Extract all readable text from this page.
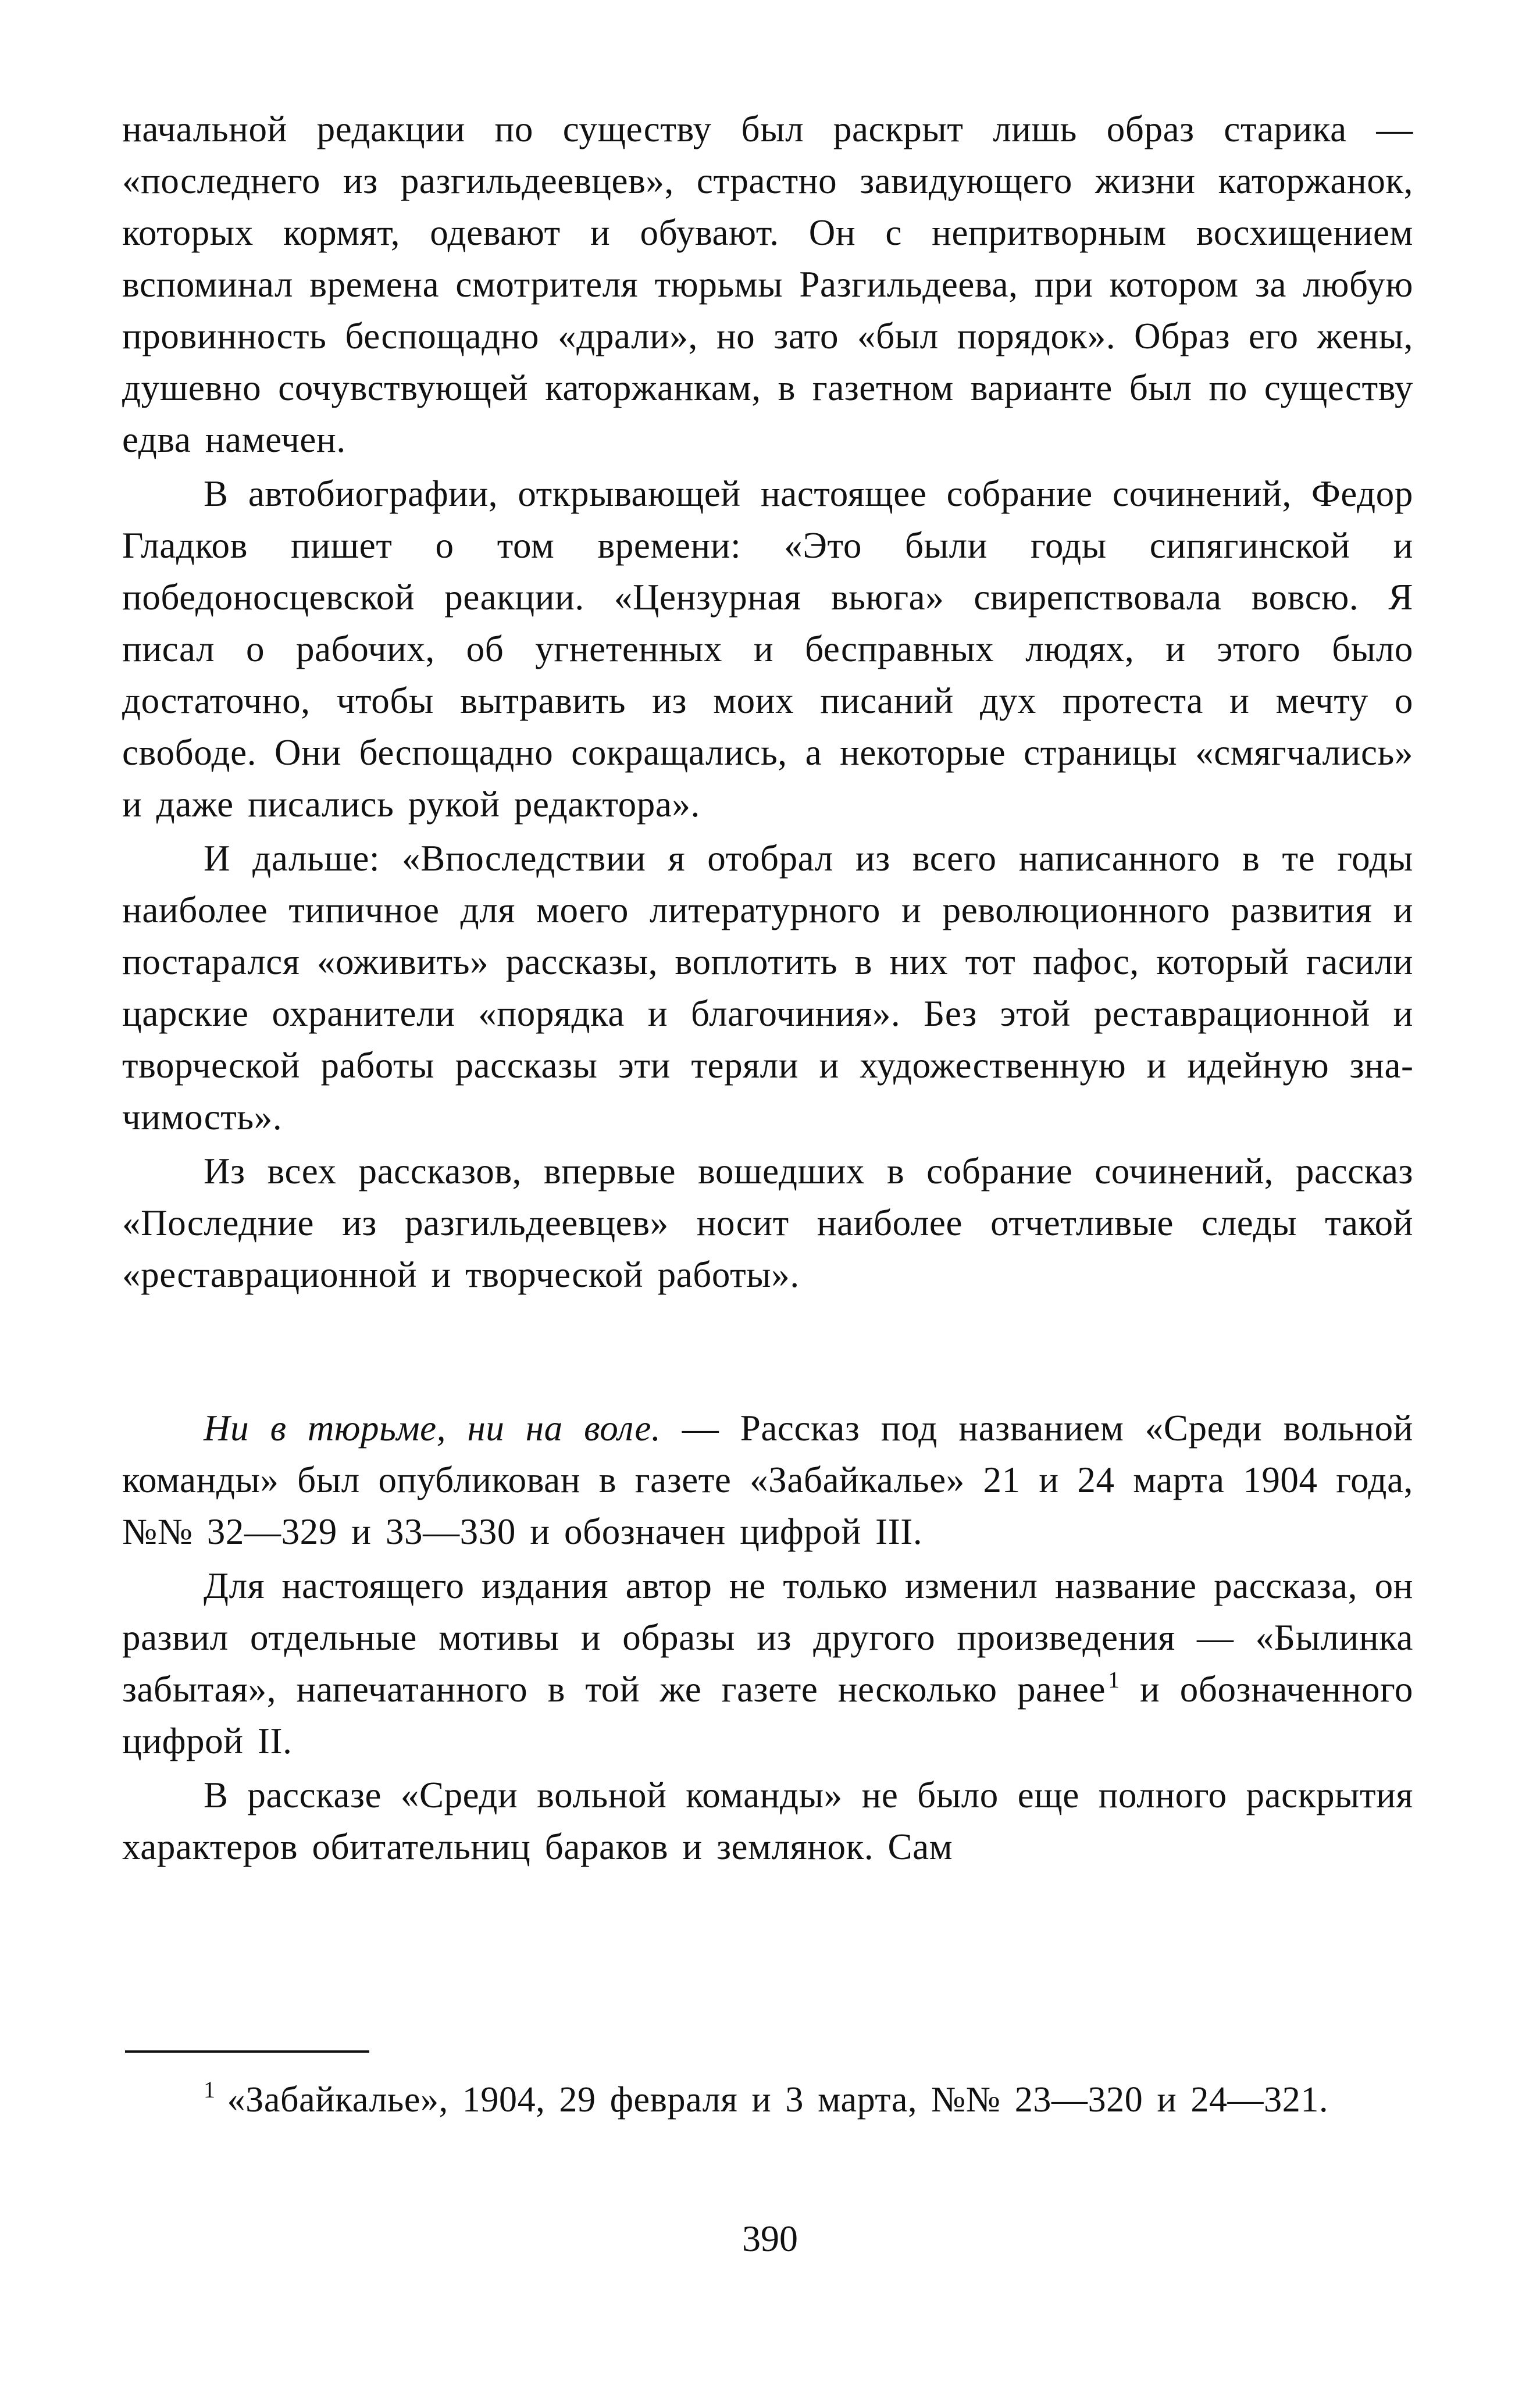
начальной редакции по существу был раскрыт лишь образ старика — «последнего из разгильдеевцев», страстно завидующего жизни каторжанок, которых кормят, одевают и обувают. Он с непритворным восхищением вспоминал времена смотрителя тюрьмы Разгильдеева, при котором за любую провинность беспощадно «драли», но зато «был порядок». Образ его жены, душевно сочувствующей каторжанкам, в газетном варианте был по существу едва намечен.

В автобиографии, открывающей настоящее собрание сочинений, Федор Гладков пишет о том времени: «Это были годы сипягинской и победоносцевской реакции. «Цензурная вьюга» свирепствовала вовсю. Я писал о рабочих, об угнетенных и бесправных людях, и этого было достаточно, чтобы вытравить из моих писаний дух протеста и мечту о свободе. Они беспощадно сокращались, а некоторые страницы «смягчались» и даже писались рукой редактора».

И дальше: «Впоследствии я отобрал из всего написанного в те годы наиболее типичное для моего литературного и революционного развития и постарался «оживить» рассказы, воплотить в них тот пафос, который гасили царские охранители «порядка и благочиния». Без этой реставрационной и творческой работы рассказы эти теряли и художественную и идейную значимость».

Из всех рассказов, впервые вошедших в собрание сочинений, рассказ «Последние из разгильдеевцев» носит наиболее отчетливые следы такой «реставрационной и творческой работы».

Ни в тюрьме, ни на воле. — Рассказ под названием «Среди вольной команды» был опубликован в газете «Забайкалье» 21 и 24 марта 1904 года, №№ 32—329 и 33—330 и обозначен цифрой III.

Для настоящего издания автор не только изменил название рассказа, он развил отдельные мотивы и образы из другого произведения — «Былинка забытая», напечатанного в той же газете несколько ранее $^1$ и обозначенного цифрой II.

В рассказе «Среди вольной команды» не было еще полного раскрытия характеров обитательниц бараков и землянок. Сам

$^1$ «Забайкалье», 1904, 29 февраля и 3 марта, №№ 23—320 и 24—321.

390
